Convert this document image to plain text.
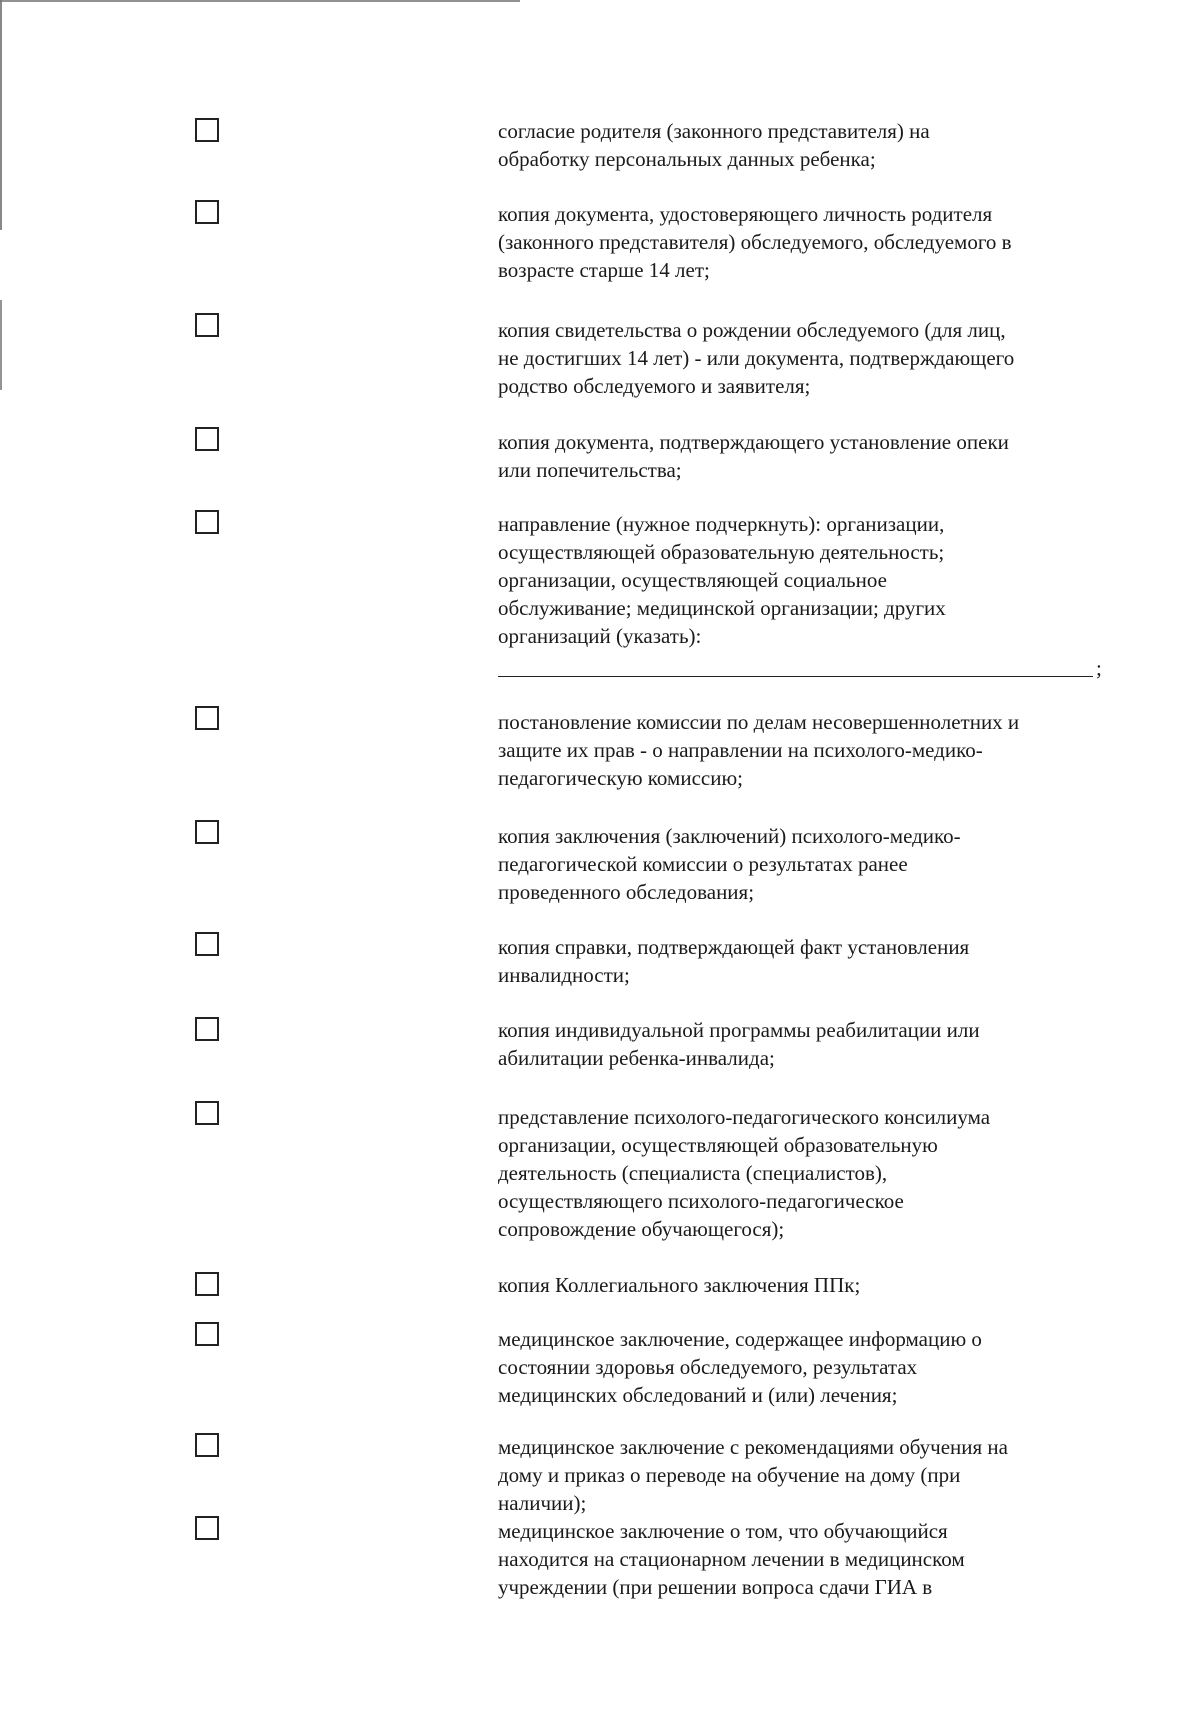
согласие родителя (законного представителя) на
обработку персональных данных ребенка;
копия документа, удостоверяющего личность родителя
(законного представителя) обследуемого, обследуемого в
возрасте старше 14 лет;
копия свидетельства о рождении обследуемого (для лиц,
не достигших 14 лет) - или документа, подтверждающего
родство обследуемого и заявителя;
копия документа, подтверждающего установление опеки
или попечительства;
направление (нужное подчеркнуть): организации,
осуществляющей образовательную деятельность;
организации, осуществляющей социальное
обслуживание; медицинской организации; других
организаций (указать):
;
постановление комиссии по делам несовершеннолетних и
защите их прав - о направлении на психолого-медико-
педагогическую комиссию;
копия заключения (заключений) психолого-медико-
педагогической комиссии о результатах ранее
проведенного обследования;
копия справки, подтверждающей факт установления
инвалидности;
копия индивидуальной программы реабилитации или
абилитации ребенка-инвалида;
представление психолого-педагогического консилиума
организации, осуществляющей образовательную
деятельность (специалиста (специалистов),
осуществляющего психолого-педагогическое
сопровождение обучающегося);
копия Коллегиального заключения ППк;
медицинское заключение, содержащее информацию о
состоянии здоровья обследуемого, результатах
медицинских обследований и (или) лечения;
медицинское заключение с рекомендациями обучения на
дому и приказ о переводе на обучение на дому (при
наличии);
медицинское заключение о том, что обучающийся
находится на стационарном лечении в медицинском
учреждении (при решении вопроса сдачи ГИА в
